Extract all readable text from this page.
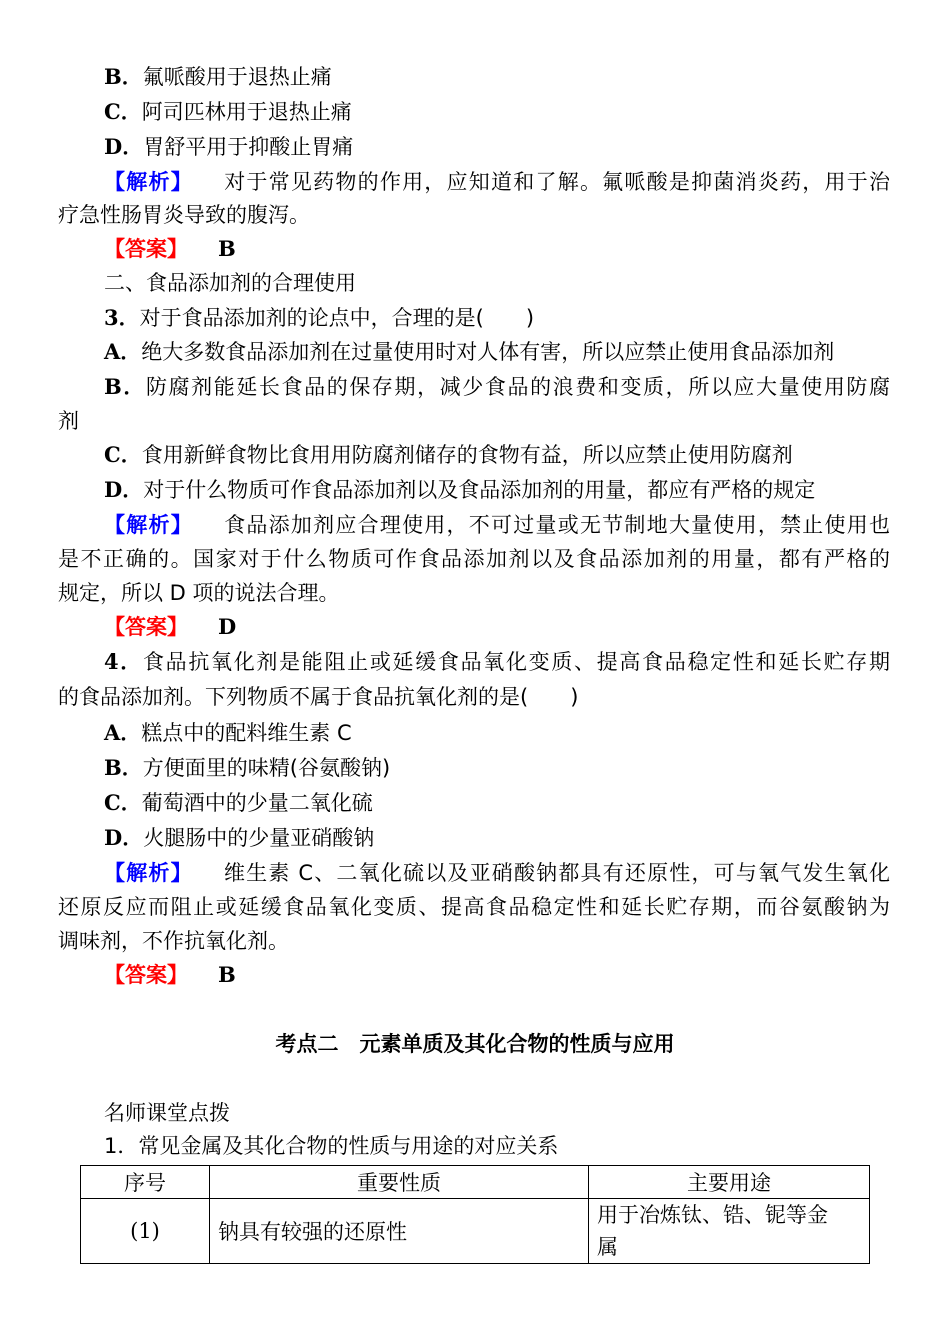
B．氟哌酸用于退热止痛
C．阿司匹林用于退热止痛
D．胃舒平用于抑酸止胃痛
【解析】 对于常见药物的作用，应知道和了解。氟哌酸是抑菌消炎药，用于治
疗急性肠胃炎导致的腹泻。
【答案】 B
二、食品添加剂的合理使用
3．对于食品添加剂的论点中，合理的是(　　)
A．绝大多数食品添加剂在过量使用时对人体有害，所以应禁止使用食品添加剂
B．防腐剂能延长食品的保存期，减少食品的浪费和变质，所以应大量使用防腐
剂
C．食用新鲜食物比食用用防腐剂储存的食物有益，所以应禁止使用防腐剂
D．对于什么物质可作食品添加剂以及食品添加剂的用量，都应有严格的规定
【解析】 食品添加剂应合理使用，不可过量或无节制地大量使用，禁止使用也
是不正确的。国家对于什么物质可作食品添加剂以及食品添加剂的用量，都有严格的
规定，所以 D 项的说法合理。
【答案】 D
4．食品抗氧化剂是能阻止或延缓食品氧化变质、提高食品稳定性和延长贮存期
的食品添加剂。下列物质不属于食品抗氧化剂的是(　　)
A．糕点中的配料维生素 C
B．方便面里的味精(谷氨酸钠)
C．葡萄酒中的少量二氧化硫
D．火腿肠中的少量亚硝酸钠
【解析】 维生素 C、二氧化硫以及亚硝酸钠都具有还原性，可与氧气发生氧化
还原反应而阻止或延缓食品氧化变质、提高食品稳定性和延长贮存期，而谷氨酸钠为
调味剂，不作抗氧化剂。
【答案】 B
考点二　元素单质及其化合物的性质与应用
名师课堂点拨
1．常见金属及其化合物的性质与用途的对应关系
序号	重要性质	主要用途
(1)	钠具有较强的还原性	用于冶炼钛、锆、铌等金
属
